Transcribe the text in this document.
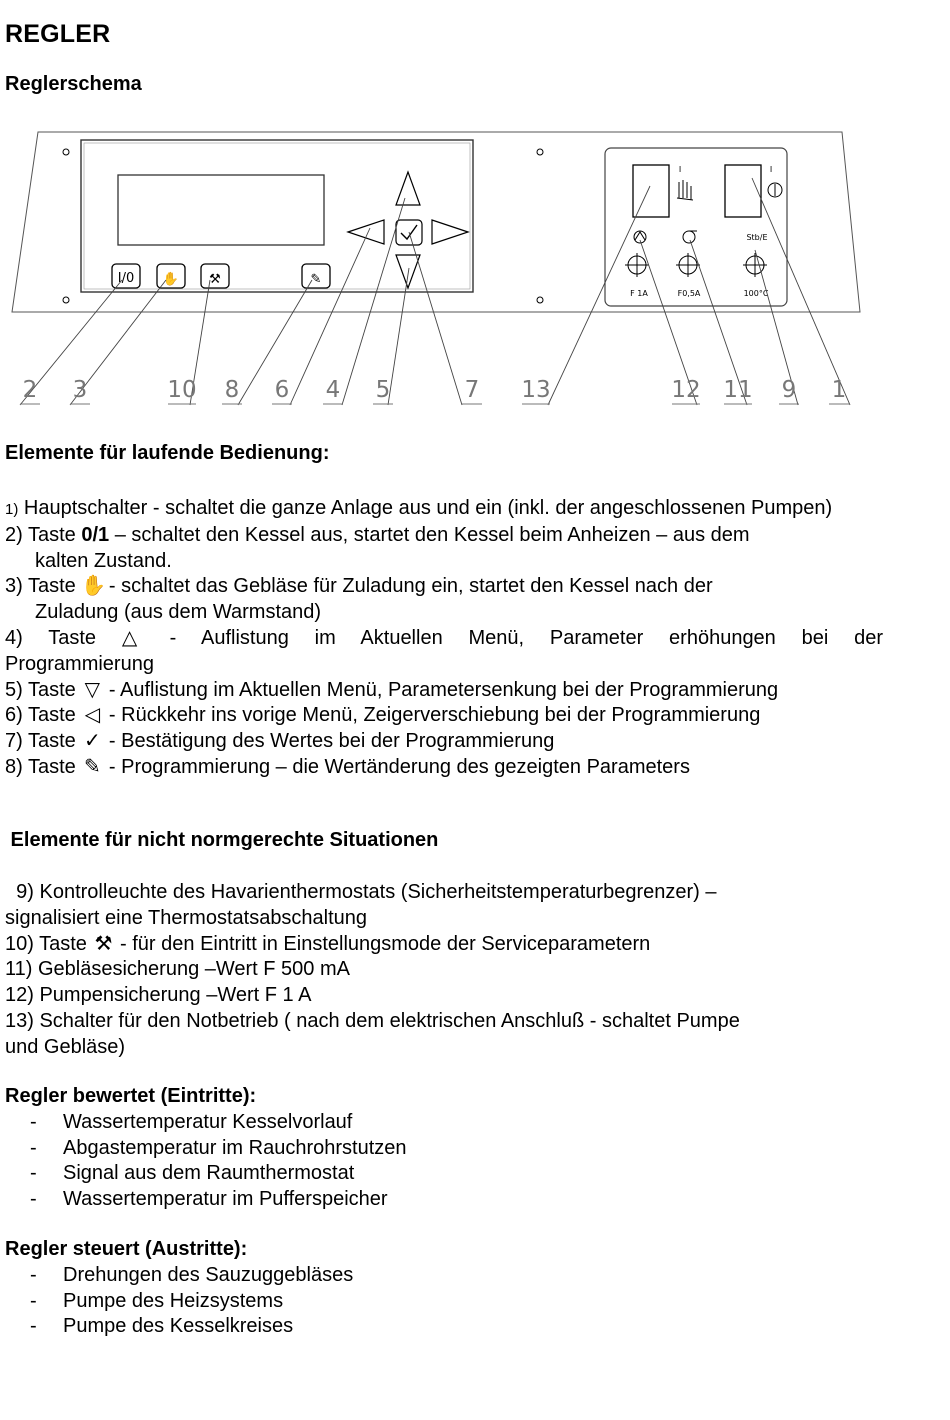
REGLER
Reglerschema
I/0 ✋ ⚒	✎
I	I
Stb/E
F 1A	F0,5A	100°C
2 3	10 8 6 4 5	7 13	12 11 9 1

Elemente für laufende Bedienung:

1) Hauptschalter - schaltet die ganze Anlage aus und ein (inkl. der angeschlossenen Pumpen)

2) Taste 0/1 – schaltet den Kessel aus, startet den Kessel beim Anheizen – aus dem

kalten Zustand.

3) Taste ✋ - schaltet das Gebläse für Zuladung ein, startet den Kessel nach der

Zuladung (aus dem Warmstand)

4) Taste △ - Auflistung im Aktuellen Menü, Parameter erhöhungen bei der Programmierung

5) Taste ▽ - Auflistung im Aktuellen Menü, Parametersenkung bei der Programmierung

6) Taste ◁ - Rückkehr ins vorige Menü, Zeigerverschiebung bei der Programmierung

7) Taste ✓ - Bestätigung des Wertes bei der Programmierung

8) Taste ✎ - Programmierung – die Wertänderung des gezeigten Parameters

Elemente für nicht normgerechte Situationen

9) Kontrolleuchte des Havarienthermostats (Sicherheitstemperaturbegrenzer) –

signalisiert eine Thermostatsabschaltung

10) Taste ⚒ - für den Eintritt in Einstellungsmode der Serviceparametern

11) Gebläsesicherung –Wert F 500 mA

12) Pumpensicherung –Wert F 1 A

13) Schalter für den Notbetrieb ( nach dem elektrischen Anschluß - schaltet Pumpe

und Gebläse)

Regler bewertet (Eintritte):

- Wassertemperatur Kesselvorlauf
- Abgastemperatur im Rauchrohrstutzen
- Signal aus dem Raumthermostat
- Wassertemperatur im Pufferspeicher

Regler steuert (Austritte):

- Drehungen des Sauzuggebläses
- Pumpe des Heizsystems
- Pumpe des Kesselkreises
